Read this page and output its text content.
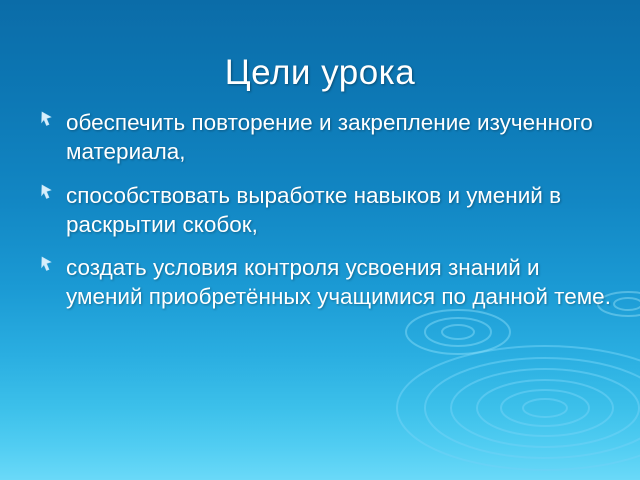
Цели урока
обеспечить повторение и закрепление изученного материала,
способствовать выработке навыков и умений в раскрытии скобок,
создать условия контроля усвоения знаний и умений приобретённых учащимися по данной теме.
